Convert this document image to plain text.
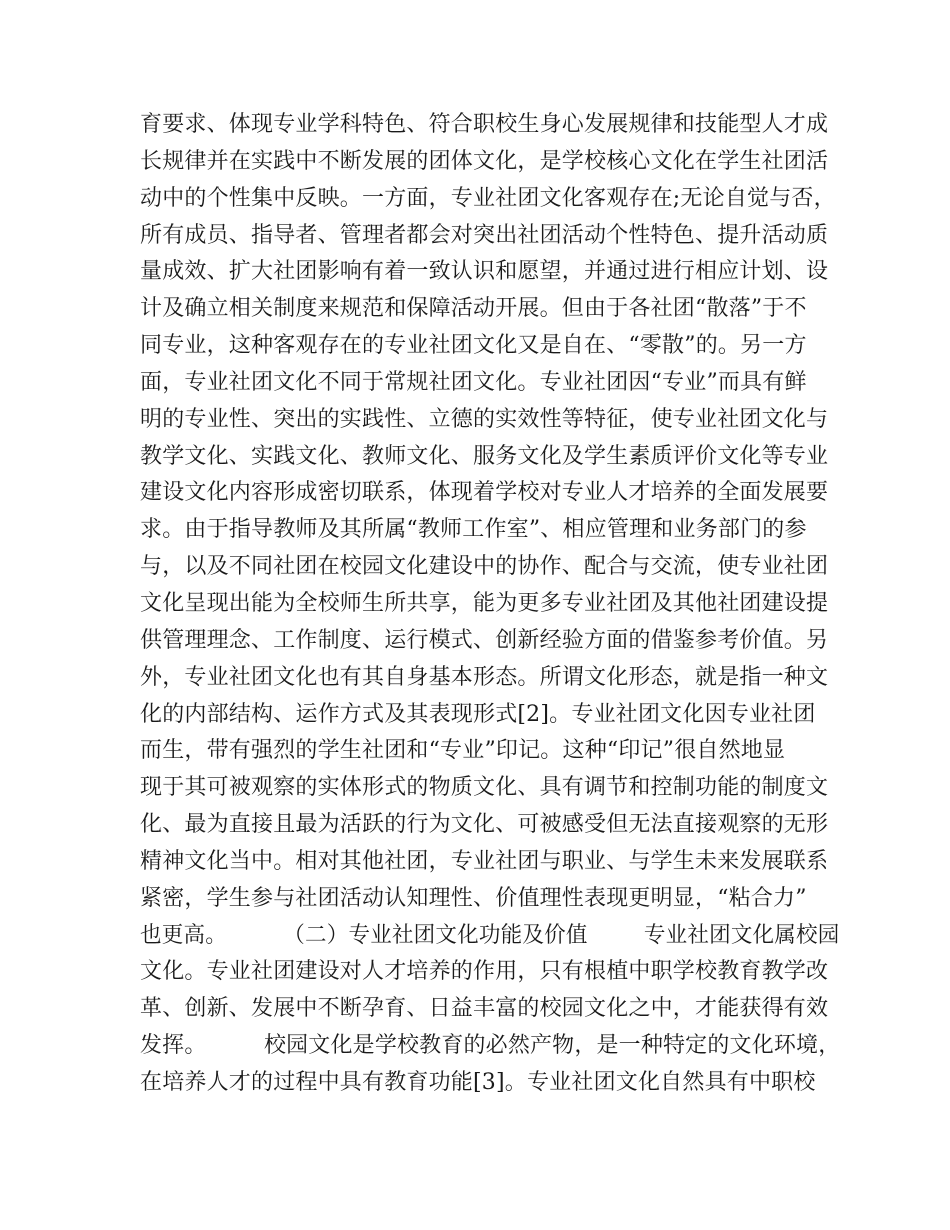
育要求、体现专业学科特色、符合职校生身心发展规律和技能型人才成
长规律并在实践中不断发展的团体文化，是学校核心文化在学生社团活
动中的个性集中反映。一方面，专业社团文化客观存在;无论自觉与否，
所有成员、指导者、管理者都会对突出社团活动个性特色、提升活动质
量成效、扩大社团影响有着一致认识和愿望，并通过进行相应计划、设
计及确立相关制度来规范和保障活动开展。但由于各社团“散落”于不
同专业，这种客观存在的专业社团文化又是自在、“零散”的。另一方
面，专业社团文化不同于常规社团文化。专业社团因“专业”而具有鲜
明的专业性、突出的实践性、立德的实效性等特征，使专业社团文化与
教学文化、实践文化、教师文化、服务文化及学生素质评价文化等专业
建设文化内容形成密切联系，体现着学校对专业人才培养的全面发展要
求。由于指导教师及其所属“教师工作室”、相应管理和业务部门的参
与，以及不同社团在校园文化建设中的协作、配合与交流，使专业社团
文化呈现出能为全校师生所共享，能为更多专业社团及其他社团建设提
供管理理念、工作制度、运行模式、创新经验方面的借鉴参考价值。另
外，专业社团文化也有其自身基本形态。所谓文化形态，就是指一种文
化的内部结构、运作方式及其表现形式[2]。专业社团文化因专业社团
而生，带有强烈的学生社团和“专业”印记。这种“印记”很自然地显
现于其可被观察的实体形式的物质文化、具有调节和控制功能的制度文
化、最为直接且最为活跃的行为文化、可被感受但无法直接观察的无形
精神文化当中。相对其他社团，专业社团与职业、与学生未来发展联系
紧密，学生参与社团活动认知理性、价值理性表现更明显，“粘合力”
也更高。        （二）专业社团文化功能及价值        专业社团文化属校园
文化。专业社团建设对人才培养的作用，只有根植中职学校教育教学改
革、创新、发展中不断孕育、日益丰富的校园文化之中，才能获得有效
发挥。        校园文化是学校教育的必然产物，是一种特定的文化环境，
在培养人才的过程中具有教育功能[3]。专业社团文化自然具有中职校
